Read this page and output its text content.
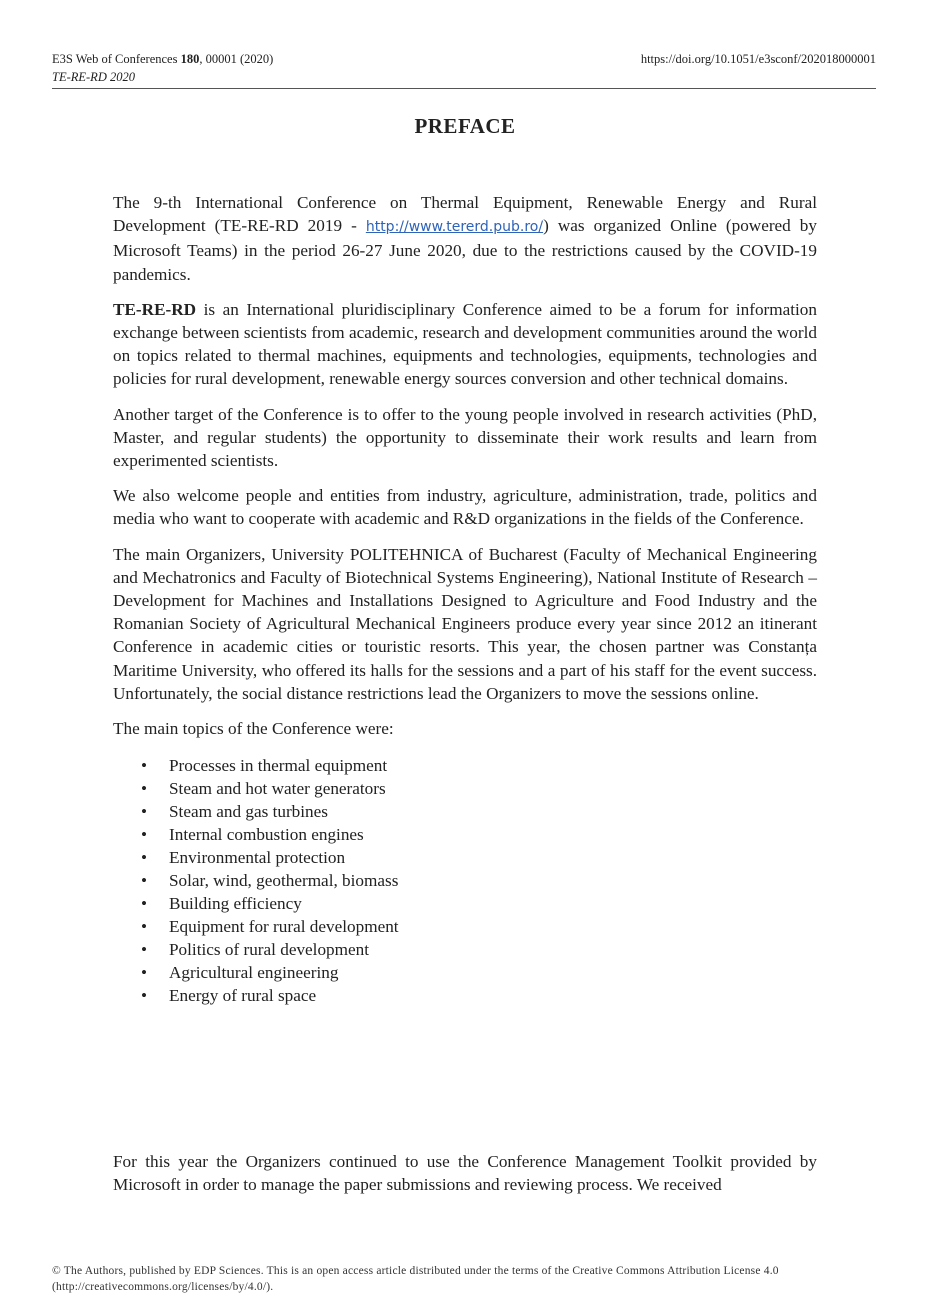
E3S Web of Conferences 180, 00001 (2020)	https://doi.org/10.1051/e3sconf/202018000001
TE-RE-RD 2020
PREFACE

The 9-th International Conference on Thermal Equipment, Renewable Energy and Rural Development (TE-RE-RD 2019 - http://www.tererd.pub.ro/) was organized Online (powered by Microsoft Teams) in the period 26-27 June 2020, due to the restrictions caused by the COVID-19 pandemics.

TE-RE-RD is an International pluridisciplinary Conference aimed to be a forum for information exchange between scientists from academic, research and development communities around the world on topics related to thermal machines, equipments and technologies, equipments, technologies and policies for rural development, renewable energy sources conversion and other technical domains.

Another target of the Conference is to offer to the young people involved in research activities (PhD, Master, and regular students) the opportunity to disseminate their work results and learn from experimented scientists.

We also welcome people and entities from industry, agriculture, administration, trade, politics and media who want to cooperate with academic and R&D organizations in the fields of the Conference.

The main Organizers, University POLITEHNICA of Bucharest (Faculty of Mechanical Engineering and Mechatronics and Faculty of Biotechnical Systems Engineering), National Institute of Research – Development for Machines and Installations Designed to Agriculture and Food Industry and the Romanian Society of Agricultural Mechanical Engineers produce every year since 2012 an itinerant Conference in academic cities or touristic resorts. This year, the chosen partner was Constanța Maritime University, who offered its halls for the sessions and a part of his staff for the event success. Unfortunately, the social distance restrictions lead the Organizers to move the sessions online.

The main topics of the Conference were:

• Processes in thermal equipment
• Steam and hot water generators
• Steam and gas turbines
• Internal combustion engines
• Environmental protection
• Solar, wind, geothermal, biomass
• Building efficiency
• Equipment for rural development
• Politics of rural development
• Agricultural engineering
• Energy of rural space

For this year the Organizers continued to use the Conference Management Toolkit provided by Microsoft in order to manage the paper submissions and reviewing process. We received

© The Authors, published by EDP Sciences. This is an open access article distributed under the terms of the Creative Commons Attribution License 4.0
(http://creativecommons.org/licenses/by/4.0/).
